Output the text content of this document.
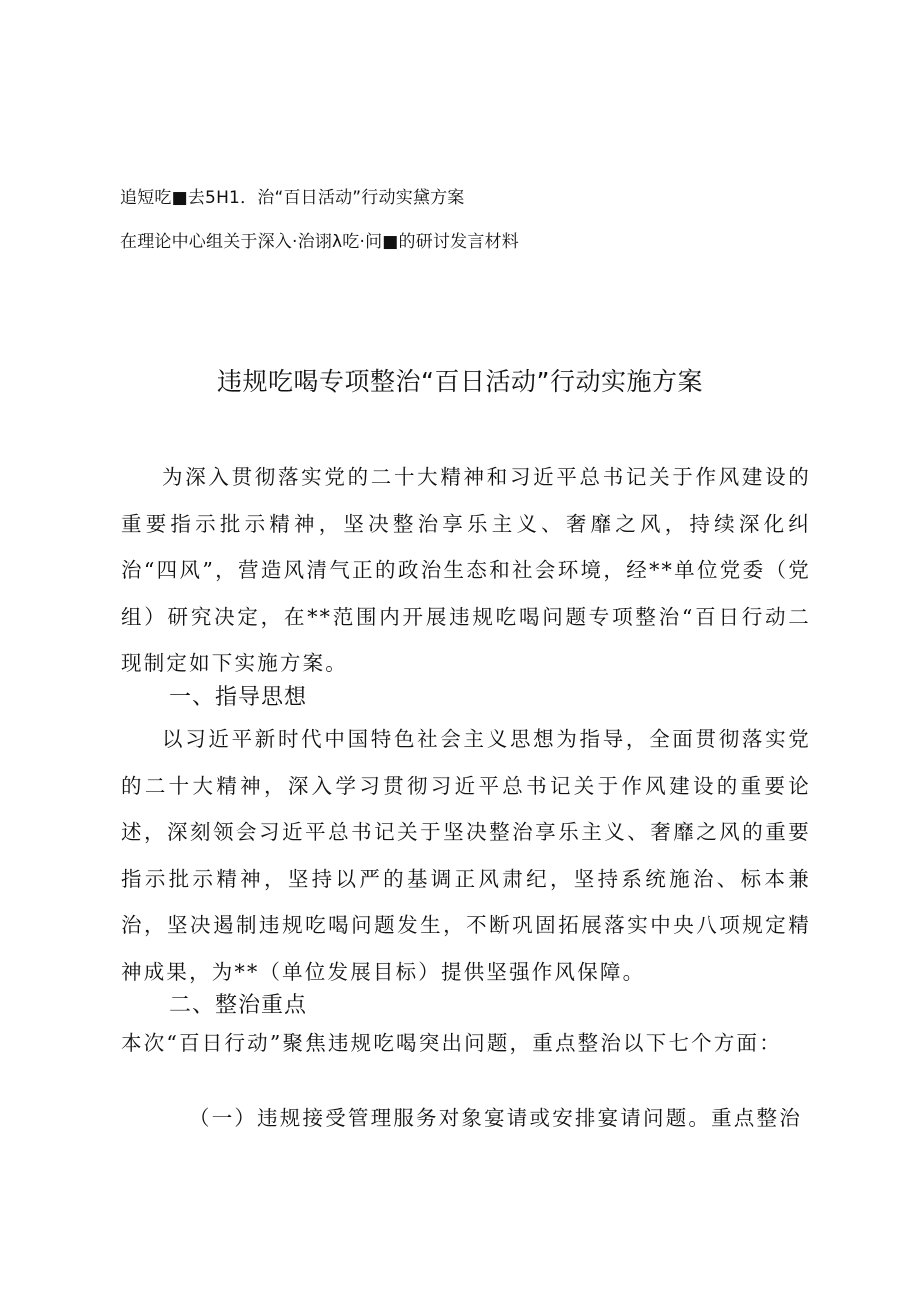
追短吃■去5H1．治“百日活动”行动实黛方案
在理论中心组关于深入·治诩λ吃·问■的研讨发言材料
违规吃喝专项整治“百日活动”行动实施方案
为深入贯彻落实党的二十大精神和习近平总书记关于作风建设的重要指示批示精神，坚决整治享乐主义、奢靡之风，持续深化纠治“四风”，营造风清气正的政治生态和社会环境，经**单位党委（党组）研究决定，在**范围内开展违规吃喝问题专项整治“百日行动二现制定如下实施方案。
一、指导思想
以习近平新时代中国特色社会主义思想为指导，全面贯彻落实党的二十大精神，深入学习贯彻习近平总书记关于作风建设的重要论述，深刻领会习近平总书记关于坚决整治享乐主义、奢靡之风的重要指示批示精神，坚持以严的基调正风肃纪，坚持系统施治、标本兼治，坚决遏制违规吃喝问题发生，不断巩固拓展落实中央八项规定精神成果，为**（单位发展目标）提供坚强作风保障。
二、整治重点
本次“百日行动”聚焦违规吃喝突出问题，重点整治以下七个方面：
（一）违规接受管理服务对象宴请或安排宴请问题。重点整治
